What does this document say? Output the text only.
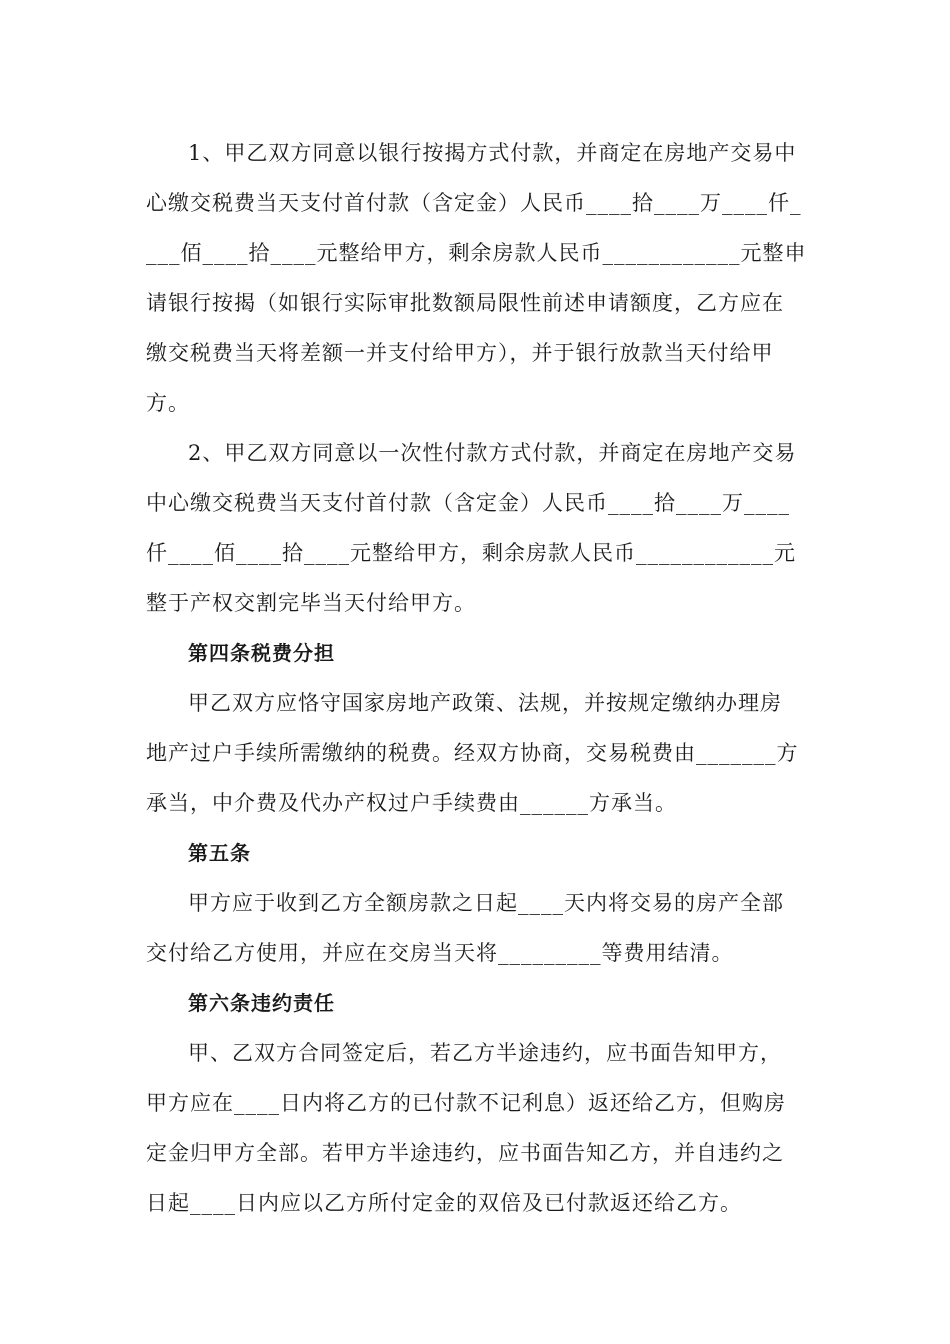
1、甲乙双方同意以银行按揭方式付款，并商定在房地产交易中
心缴交税费当天支付首付款（含定金）人民币____拾____万____仟_
___佰____拾____元整给甲方，剩余房款人民币____________元整申
请银行按揭（如银行实际审批数额局限性前述申请额度，乙方应在
缴交税费当天将差额一并支付给甲方），并于银行放款当天付给甲
方。
2、甲乙双方同意以一次性付款方式付款，并商定在房地产交易
中心缴交税费当天支付首付款（含定金）人民币____拾____万____
仟____佰____拾____元整给甲方，剩余房款人民币____________元
整于产权交割完毕当天付给甲方。
第四条税费分担
甲乙双方应恪守国家房地产政策、法规，并按规定缴纳办理房
地产过户手续所需缴纳的税费。经双方协商，交易税费由_______方
承当，中介费及代办产权过户手续费由______方承当。
第五条
甲方应于收到乙方全额房款之日起____天内将交易的房产全部
交付给乙方使用，并应在交房当天将_________等费用结清。
第六条违约责任
甲、乙双方合同签定后，若乙方半途违约，应书面告知甲方，
甲方应在____日内将乙方的已付款不记利息）返还给乙方，但购房
定金归甲方全部。若甲方半途违约，应书面告知乙方，并自违约之
日起____日内应以乙方所付定金的双倍及已付款返还给乙方。
